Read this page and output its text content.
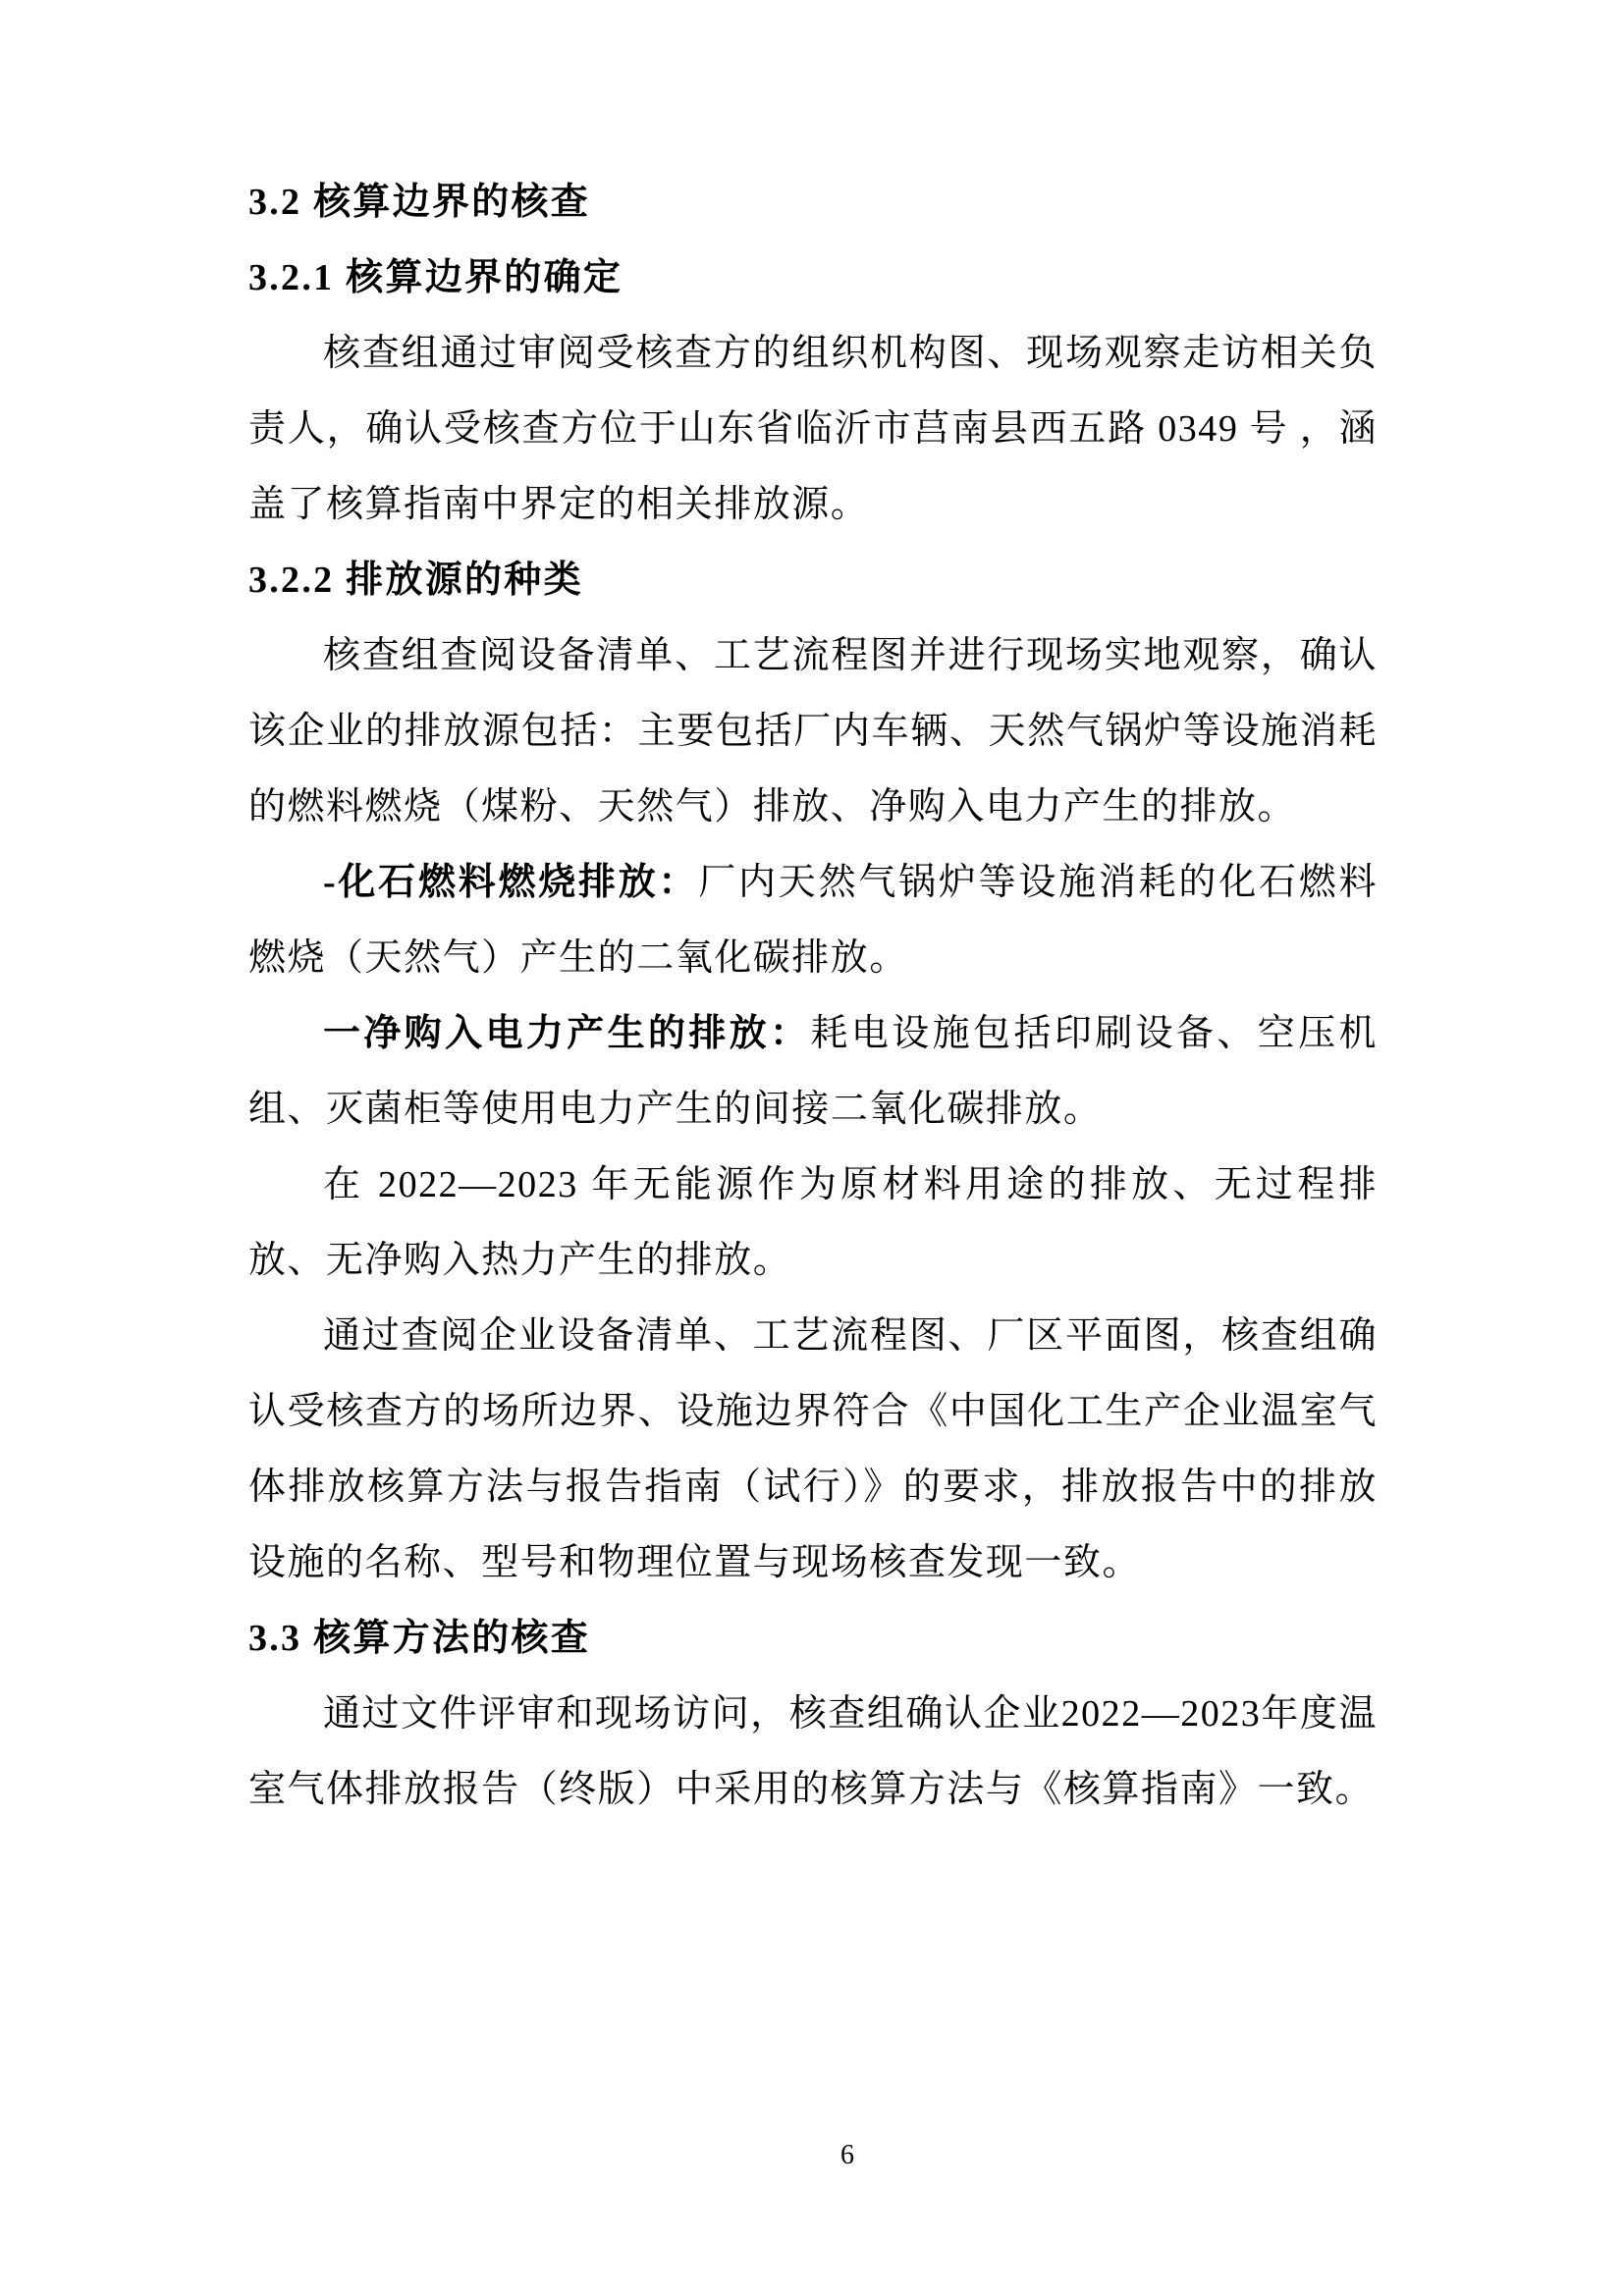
3.2 核算边界的核查
3.2.1 核算边界的确定

核查组通过审阅受核查方的组织机构图、现场观察走访相关负责人，确认受核查方位于山东省临沂市莒南县西五路 0349 号 ，涵盖了核算指南中界定的相关排放源。

3.2.2 排放源的种类

核查组查阅设备清单、工艺流程图并进行现场实地观察，确认该企业的排放源包括：主要包括厂内车辆、天然气锅炉等设施消耗的燃料燃烧（煤粉、天然气）排放、净购入电力产生的排放。

-化石燃料燃烧排放：厂内天然气锅炉等设施消耗的化石燃料燃烧（天然气）产生的二氧化碳排放。

一净购入电力产生的排放：耗电设施包括印刷设备、空压机组、灭菌柜等使用电力产生的间接二氧化碳排放。

在 2022—2023 年无能源作为原材料用途的排放、无过程排放、无净购入热力产生的排放。

通过查阅企业设备清单、工艺流程图、厂区平面图，核查组确认受核查方的场所边界、设施边界符合《中国化工生产企业温室气体排放核算方法与报告指南（试行）》的要求，排放报告中的排放设施的名称、型号和物理位置与现场核查发现一致。

3.3 核算方法的核查

通过文件评审和现场访问，核查组确认企业2022—2023年度温室气体排放报告（终版）中采用的核算方法与《核算指南》一致。

6
